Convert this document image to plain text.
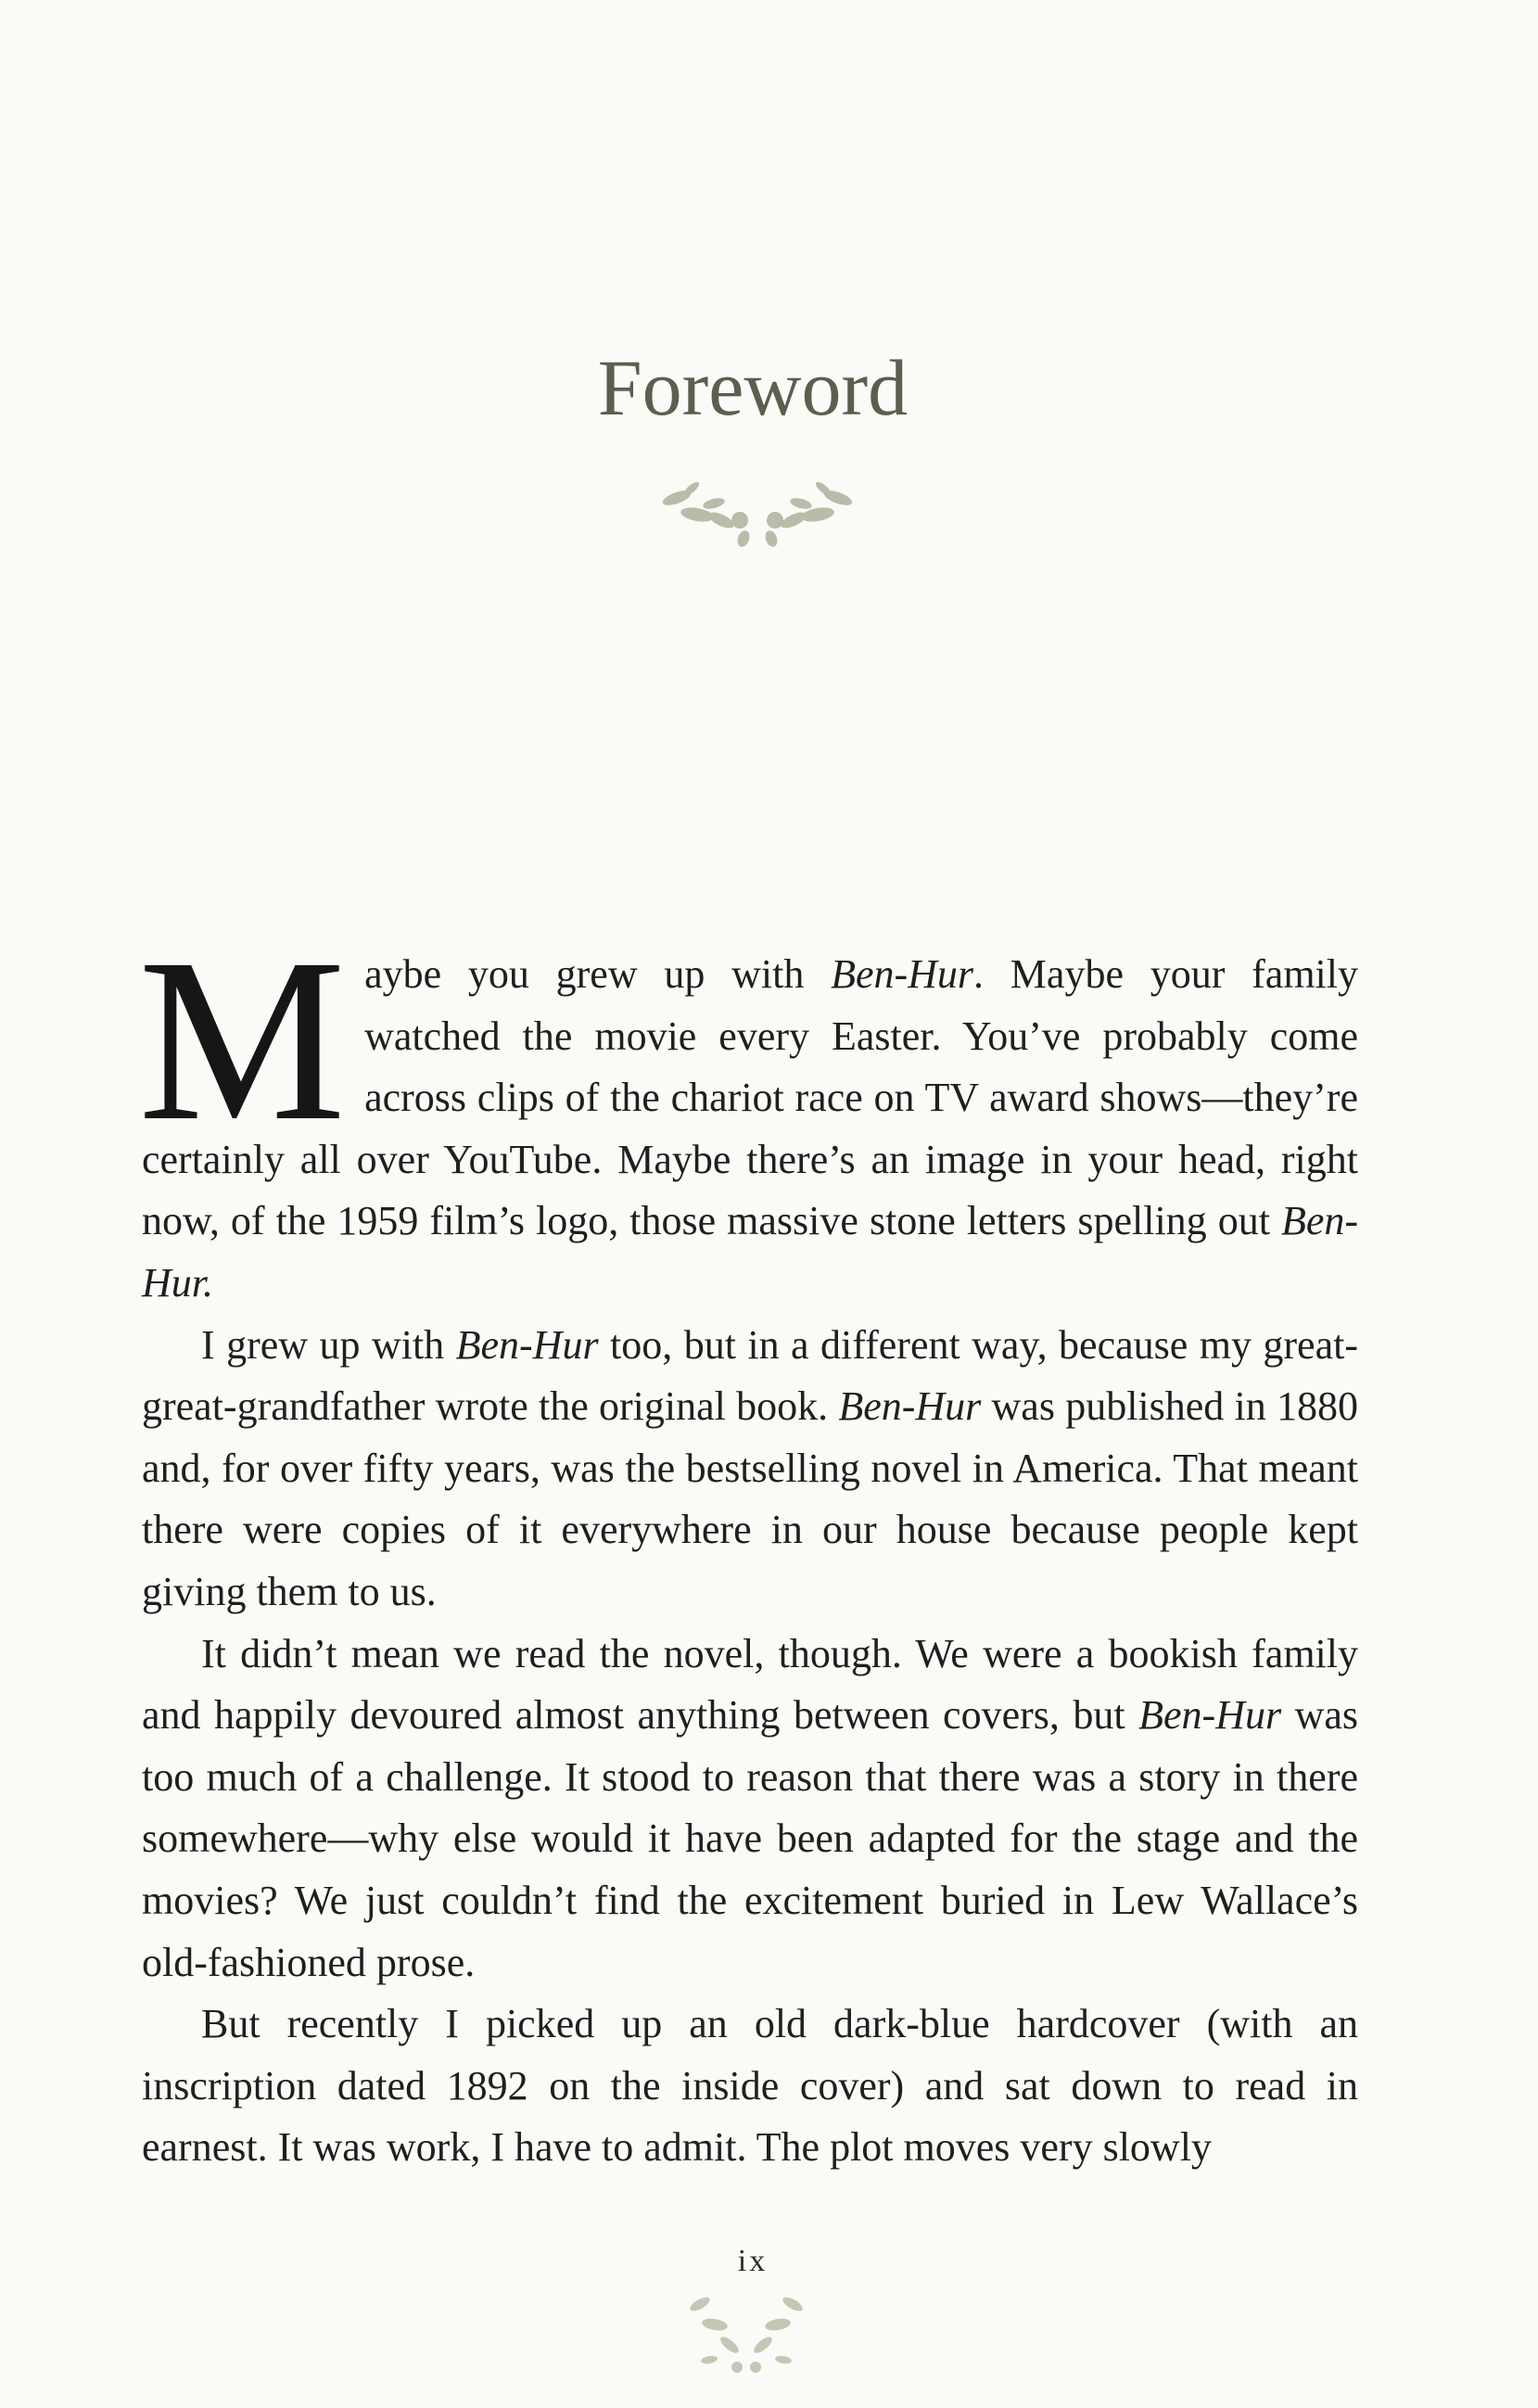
Foreword

Maybe you grew up with Ben-Hur. Maybe your family watched the movie every Easter. You’ve probably come across clips of the chariot race on TV award shows—they’re certainly all over YouTube. Maybe there’s an image in your head, right now, of the 1959 film’s logo, those massive stone letters spelling out Ben-Hur.

I grew up with Ben-Hur too, but in a different way, because my great-great-grandfather wrote the original book. Ben-Hur was published in 1880 and, for over fifty years, was the bestselling novel in America. That meant there were copies of it everywhere in our house because people kept giving them to us.

It didn’t mean we read the novel, though. We were a bookish family and happily devoured almost anything between covers, but Ben-Hur was too much of a challenge. It stood to reason that there was a story in there somewhere—why else would it have been adapted for the stage and the movies? We just couldn’t find the excitement buried in Lew Wallace’s old-fashioned prose.

But recently I picked up an old dark-blue hardcover (with an inscription dated 1892 on the inside cover) and sat down to read in earnest. It was work, I have to admit. The plot moves very slowly

ix
